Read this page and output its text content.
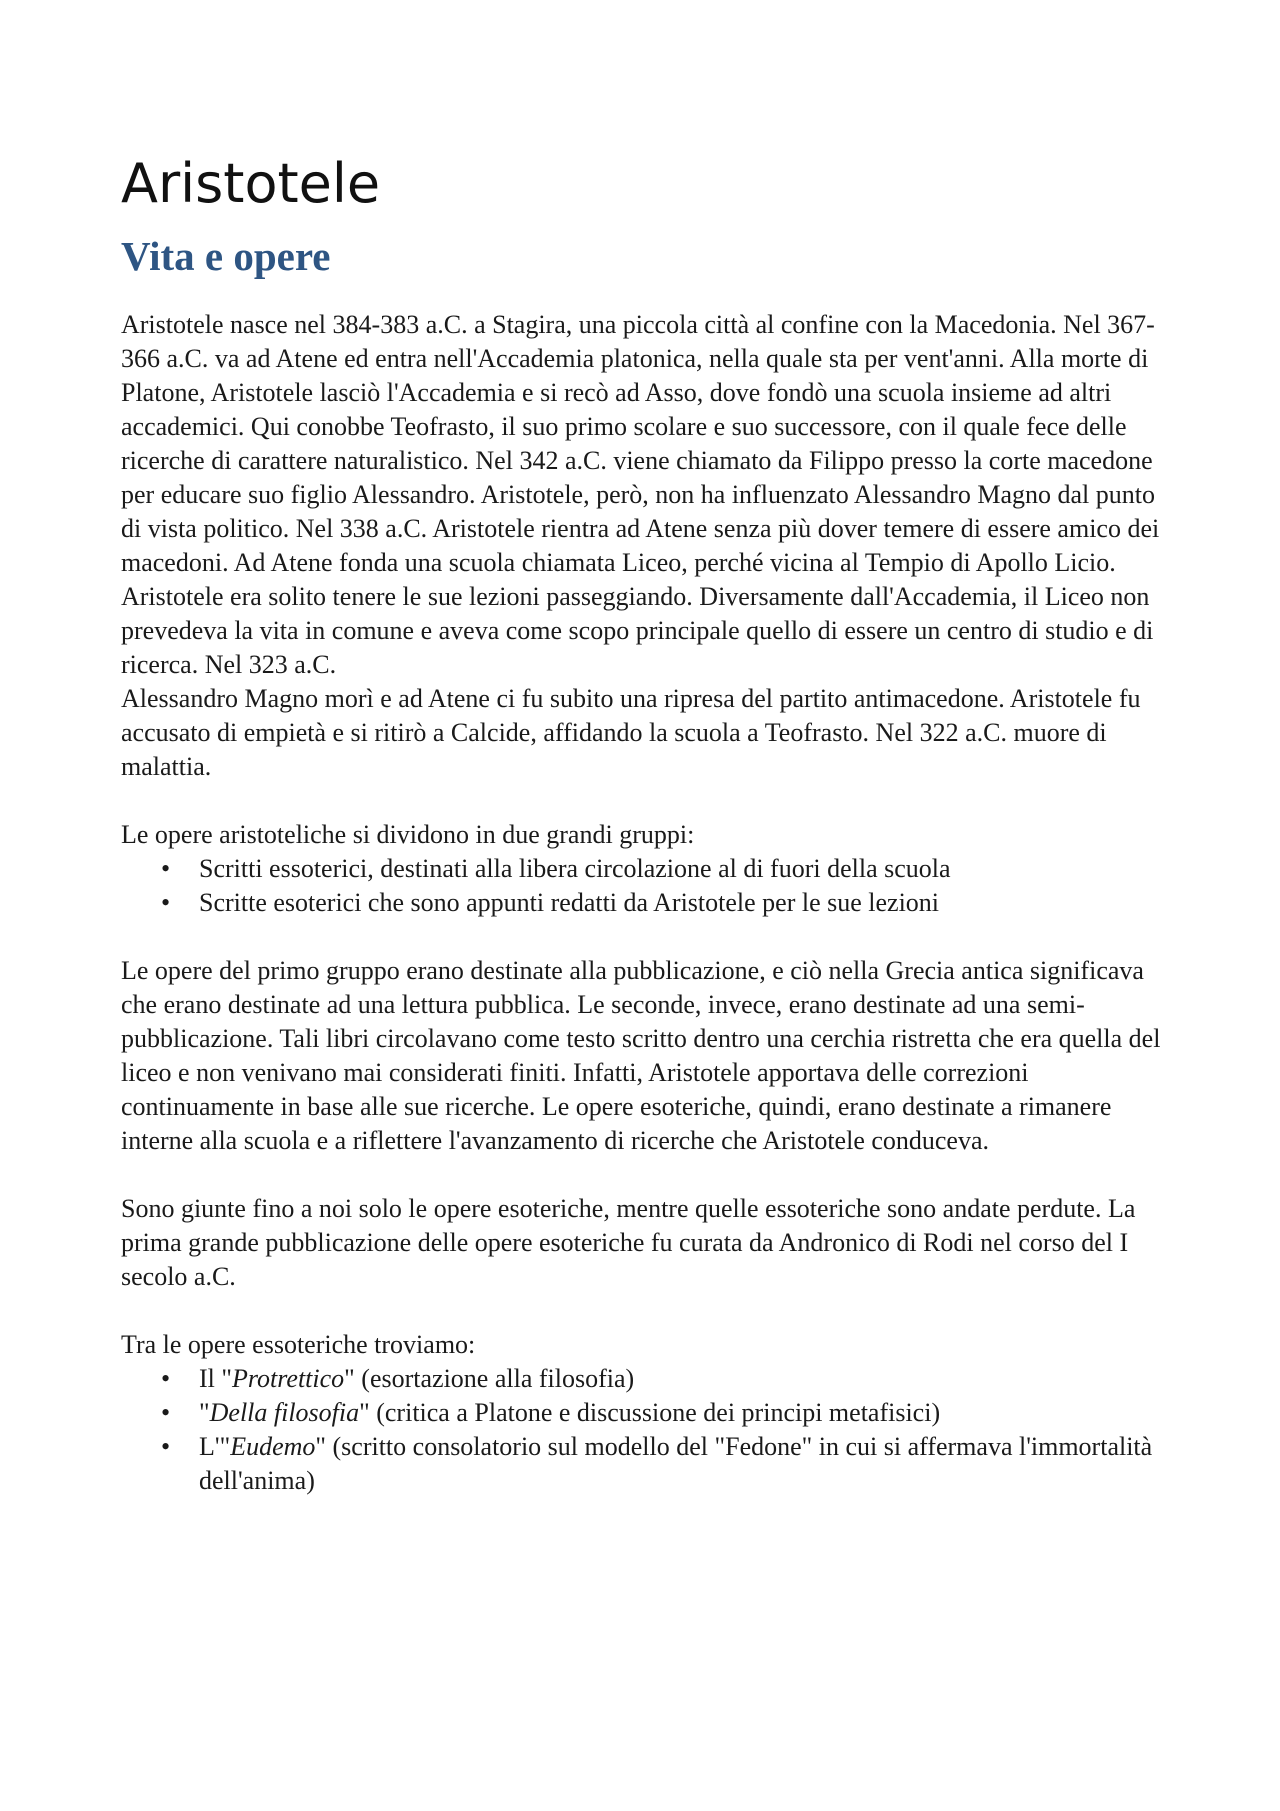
Aristotele
Vita e opere

Aristotele nasce nel 384-383 a.C. a Stagira, una piccola città al confine con la Macedonia. Nel 367-366 a.C. va ad Atene ed entra nell'Accademia platonica, nella quale sta per vent'anni. Alla morte di Platone, Aristotele lasciò l'Accademia e si recò ad Asso, dove fondò una scuola insieme ad altri accademici. Qui conobbe Teofrasto, il suo primo scolare e suo successore, con il quale fece delle ricerche di carattere naturalistico. Nel 342 a.C. viene chiamato da Filippo presso la corte macedone per educare suo figlio Alessandro. Aristotele, però, non ha influenzato Alessandro Magno dal punto di vista politico. Nel 338 a.C. Aristotele rientra ad Atene senza più dover temere di essere amico dei macedoni. Ad Atene fonda una scuola chiamata Liceo, perché vicina al Tempio di Apollo Licio. Aristotele era solito tenere le sue lezioni passeggiando. Diversamente dall'Accademia, il Liceo non prevedeva la vita in comune e aveva come scopo principale quello di essere un centro di studio e di ricerca. Nel 323 a.C.

Alessandro Magno morì e ad Atene ci fu subito una ripresa del partito antimacedone. Aristotele fu accusato di empietà e si ritirò a Calcide, affidando la scuola a Teofrasto. Nel 322 a.C. muore di malattia.

Le opere aristoteliche si dividono in due grandi gruppi:

• Scritti essoterici, destinati alla libera circolazione al di fuori della scuola
• Scritte esoterici che sono appunti redatti da Aristotele per le sue lezioni

Le opere del primo gruppo erano destinate alla pubblicazione, e ciò nella Grecia antica significava che erano destinate ad una lettura pubblica. Le seconde, invece, erano destinate ad una semi-pubblicazione. Tali libri circolavano come testo scritto dentro una cerchia ristretta che era quella del liceo e non venivano mai considerati finiti. Infatti, Aristotele apportava delle correzioni continuamente in base alle sue ricerche. Le opere esoteriche, quindi, erano destinate a rimanere interne alla scuola e a riflettere l'avanzamento di ricerche che Aristotele conduceva.

Sono giunte fino a noi solo le opere esoteriche, mentre quelle essoteriche sono andate perdute. La prima grande pubblicazione delle opere esoteriche fu curata da Andronico di Rodi nel corso del I secolo a.C.

Tra le opere essoteriche troviamo:

• Il "Protrettico" (esortazione alla filosofia)
• "Della filosofia" (critica a Platone e discussione dei principi metafisici)
• L'"Eudemo" (scritto consolatorio sul modello del "Fedone" in cui si affermava l'immortalità dell'anima)
